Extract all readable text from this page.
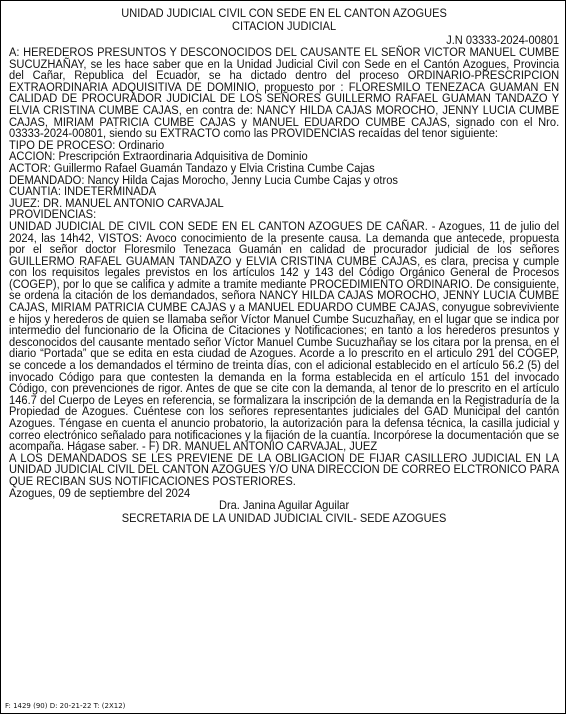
UNIDAD JUDICIAL CIVIL CON SEDE EN EL CANTON AZOGUES
CITACION JUDICIAL
J.N 03333-2024-00801

A: HEREDEROS PRESUNTOS Y DESCONOCIDOS DEL CAUSANTE EL SEÑOR VICTOR MANUEL CUMBE SUCUZHAÑAY, se les hace saber que en la Unidad Judicial Civil con Sede en el Cantón Azogues, Provincia del Cañar, Republica del Ecuador, se ha dictado dentro del proceso ORDINARIO-PRESCRIPCION EXTRAORDINARIA ADQUISITIVA DE DOMINIO, propuesto por : FLORESMILO TENEZACA GUAMAN EN CALIDAD DE PROCURADOR JUDICIAL DE LOS SEÑORES GUILLERMO RAFAEL GUAMAN TANDAZO Y ELVIA CRISTINA CUMBE CAJAS, en contra de: NANCY HILDA CAJAS MOROCHO, JENNY LUCIA CUMBE CAJAS, MIRIAM PATRICIA CUMBE CAJAS y MANUEL EDUARDO CUMBE CAJAS, signado con el Nro. 03333-2024-00801, siendo su EXTRACTO como las PROVIDENCIAS recaídas del tenor siguiente:

TIPO DE PROCESO: Ordinario
ACCION: Prescripción Extraordinaria Adquisitiva de Dominio
ACTOR: Guillermo Rafael Guamán Tandazo y Elvia Cristina Cumbe Cajas
DEMANDADO: Nancy Hilda Cajas Morocho, Jenny Lucia Cumbe Cajas y otros
CUANTIA: INDETERMINADA
JUEZ: DR. MANUEL ANTONIO CARVAJAL
PROVIDENCIAS:

UNIDAD JUDICIAL DE CIVIL CON SEDE EN EL CANTON AZOGUES DE CAÑAR. - Azogues, 11 de julio del 2024, las 14h42, VISTOS: Avoco conocimiento de la presente causa. La demanda que antecede, propuesta por el señor doctor Floresmilo Tenezaca Guamán en calidad de procurador judicial de los señores GUILLERMO RAFAEL GUAMAN TANDAZO y ELVIA CRISTINA CUMBE CAJAS, es clara, precisa y cumple con los requisitos legales previstos en los artículos 142 y 143 del Código Orgánico General de Procesos (COGEP), por lo que se califica y admite a tramite mediante PROCEDIMIENTO ORDINARIO. De consiguiente, se ordena la citación de los demandados, señora NANCY HILDA CAJAS MOROCHO, JENNY LUCIA CUMBE CAJAS, MIRIAM PATRICIA CUMBE CAJAS y a MANUEL EDUARDO CUMBE CAJAS, conyugue sobreviviente e hijos y herederos de quien se llamaba señor Víctor Manuel Cumbe Sucuzhañay, en el lugar que se indica por intermedio del funcionario de la Oficina de Citaciones y Notificaciones; en tanto a los herederos presuntos y desconocidos del causante mentado señor Víctor Manuel Cumbe Sucuzhañay se los citara por la prensa, en el diario “Portada” que se edita en esta ciudad de Azogues. Acorde a lo prescrito en el articulo 291 del COGEP, se concede a los demandados el término de treinta días, con el adicional establecido en el artículo 56.2 (5) del invocado Código para que contesten la demanda en la forma establecida en el artículo 151 del invocado Código, con prevenciones de rigor. Antes de que se cite con la demanda, al tenor de lo prescrito en el artículo 146.7 del Cuerpo de Leyes en referencia, se formalizara la inscripción de la demanda en la Registraduría de la Propiedad de Azogues. Cuéntese con los señores representantes judiciales del GAD Municipal del cantón Azogues. Téngase en cuenta el anuncio probatorio, la autorización para la defensa técnica, la casilla judicial y correo electrónico señalado para notificaciones y la fijación de la cuantía. Incorpórese la documentación que se acompaña. Hágase saber. - F) DR. MANUEL ANTONIO CARVAJAL, JUEZ

A LOS DEMANDADOS SE LES PREVIENE DE LA OBLIGACION DE FIJAR CASILLERO JUDICIAL EN LA UNIDAD JUDICIAL CIVIL DEL CANTON AZOGUES Y/O UNA DIRECCION DE CORREO ELCTRONICO PARA QUE RECIBAN SUS NOTIFICACIONES POSTERIORES.

Azogues, 09 de septiembre del 2024
Dra. Janina Aguilar Aguilar
SECRETARIA DE LA UNIDAD JUDICIAL CIVIL- SEDE AZOGUES
F: 1429 (90) D: 20-21-22 T: (2X12)
